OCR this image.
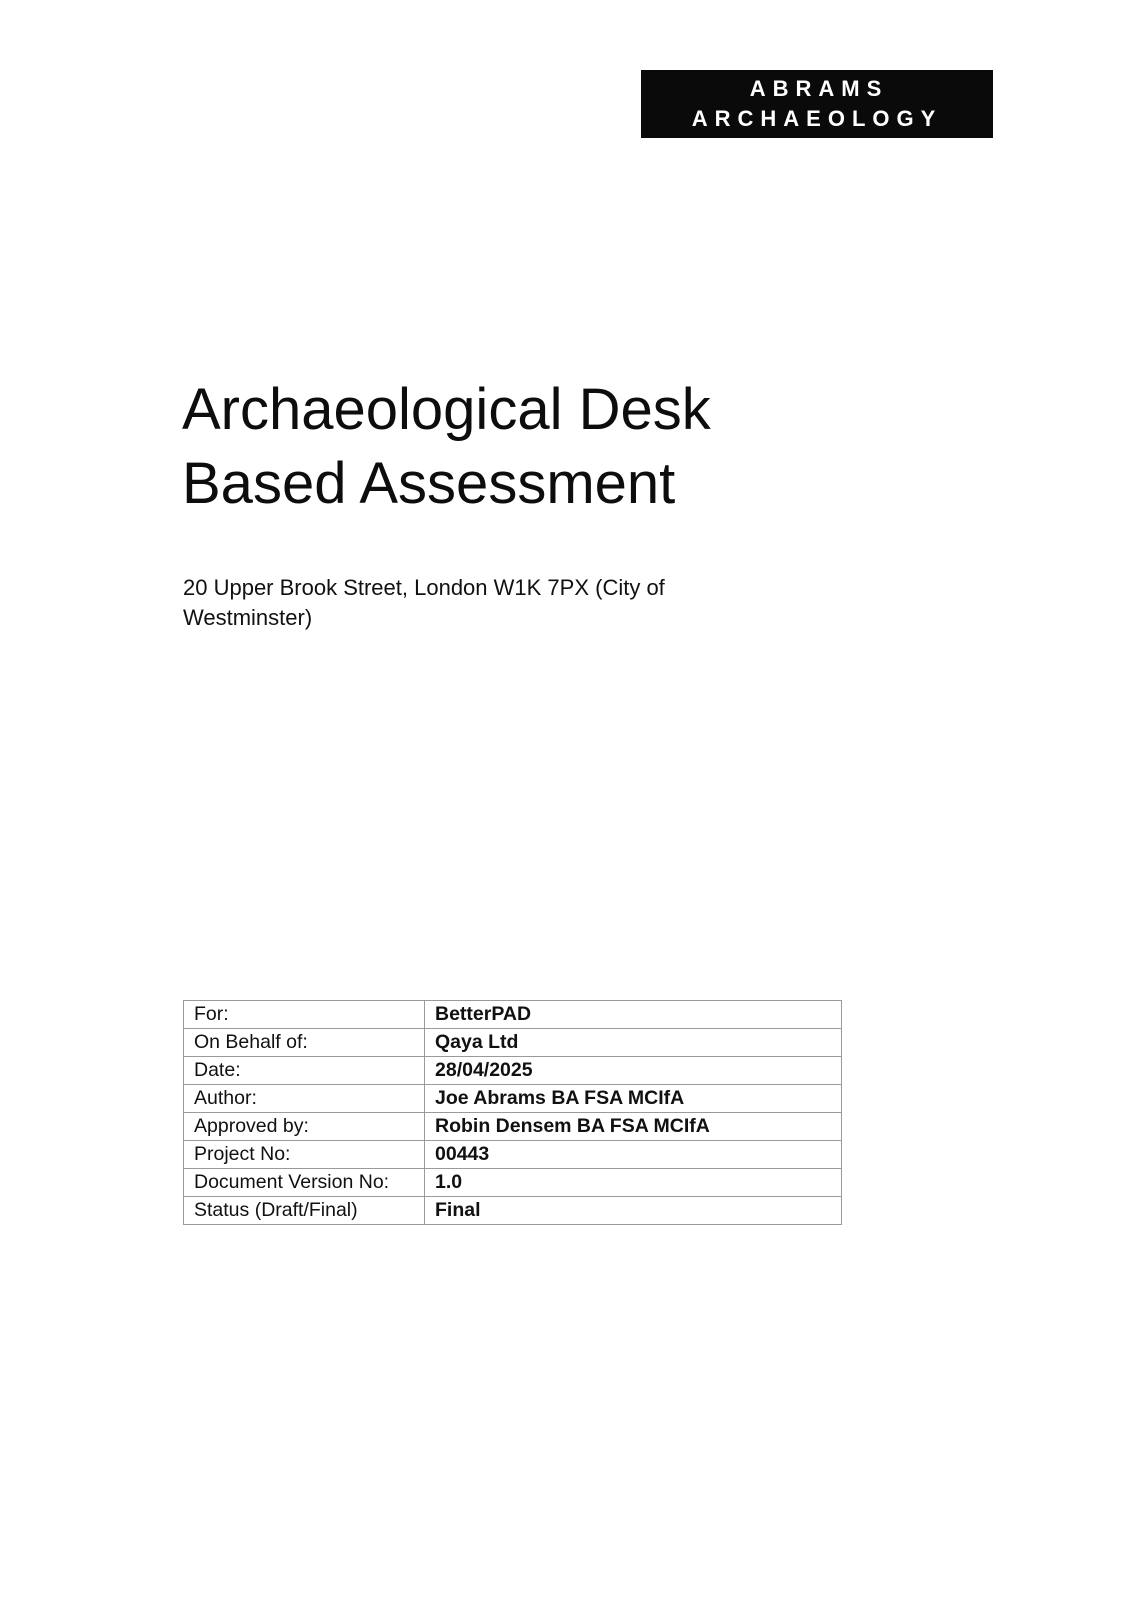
ABRAMS
ARCHAEOLOGY
Archaeological Desk
Based Assessment

20 Upper Brook Street, London W1K 7PX (City of Westminster)

For:	BetterPAD
On Behalf of:	Qaya Ltd
Date:	28/04/2025
Author:	Joe Abrams BA FSA MCIfA
Approved by:	Robin Densem BA FSA MCIfA
Project No:	00443
Document Version No:	1.0
Status (Draft/Final)	Final
